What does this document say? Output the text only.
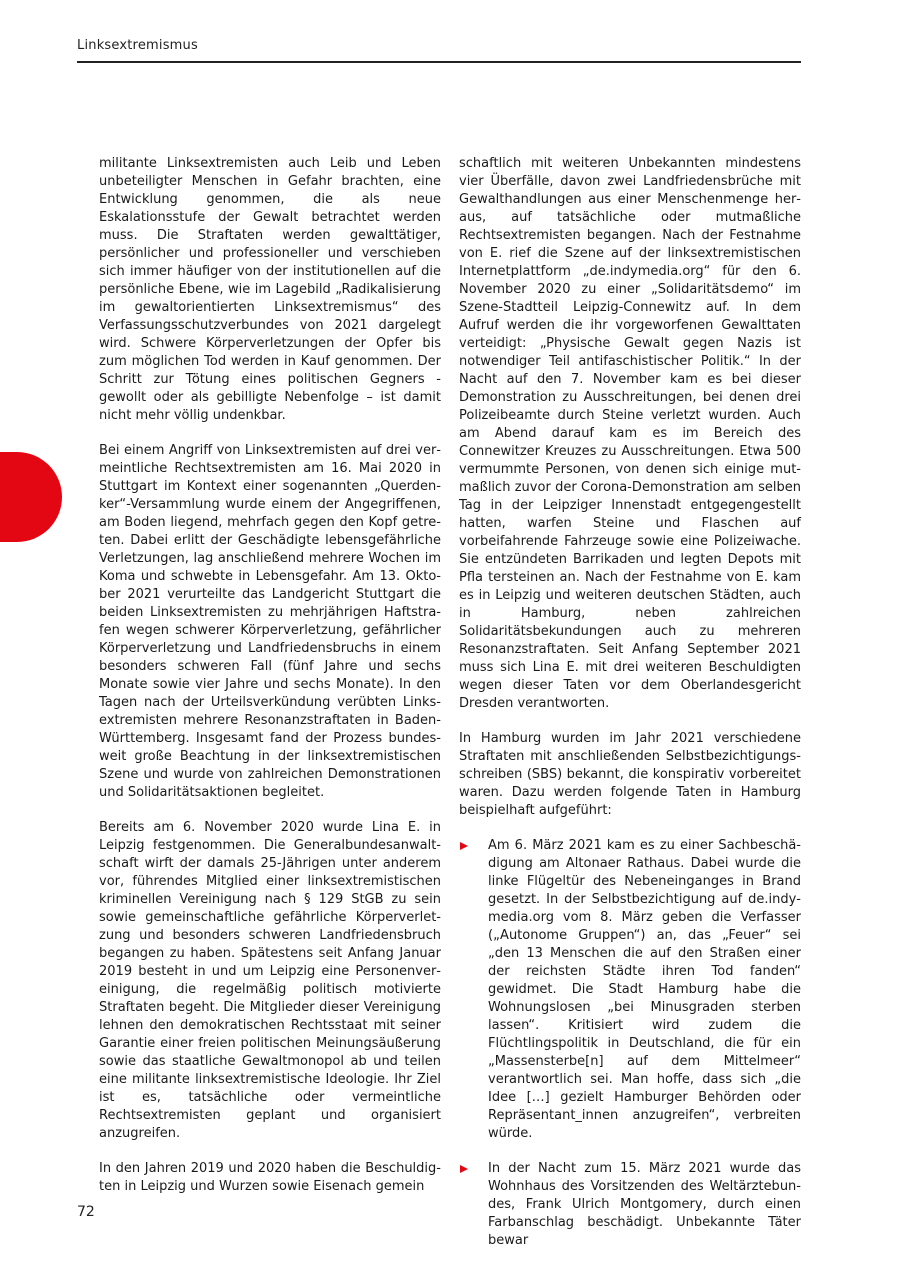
Linksextremismus

militante Linksextremisten auch Leib und Leben unbeteiligter Menschen in Gefahr brachten, eine Entwicklung genommen, die als neue Eskalationsstufe der Gewalt betrachtet werden muss. Die Straftaten werden gewalttätiger, persönlicher und professioneller und verschieben sich immer häufiger von der institutionellen auf die persönliche Ebene, wie im Lagebild „Radikalisierung im gewaltorientierten Linksextremismus“ des Verfassungsschutzverbundes von 2021 dargelegt wird. Schwere Körperverletzungen der Opfer bis zum möglichen Tod werden in Kauf genommen. Der Schritt zur Tötung eines politischen Gegners - gewollt oder als gebilligte Nebenfolge – ist damit nicht mehr völlig undenkbar.

Bei einem Angriff von Linksextremisten auf drei vermeintliche Rechtsextremisten am 16. Mai 2020 in Stuttgart im Kontext einer sogenannten „Querdenker“-Versammlung wurde einem der Angegriffenen, am Boden liegend, mehrfach gegen den Kopf getreten. Dabei erlitt der Geschädigte lebensgefährliche Verletzungen, lag anschließend mehrere Wochen im Koma und schwebte in Lebensgefahr. Am 13. Oktober 2021 verurteilte das Landgericht Stuttgart die beiden Linksextremisten zu mehrjährigen Haftstrafen wegen schwerer Körperverletzung, gefährlicher Körperverletzung und Landfriedensbruchs in einem besonders schweren Fall (fünf Jahre und sechs Monate sowie vier Jahre und sechs Monate). In den Tagen nach der Urteilsverkündung verübten Linksextremisten mehrere Resonanzstraftaten in Baden-Württemberg. Insgesamt fand der Prozess bundesweit große Beachtung in der linksextremistischen Szene und wurde von zahlreichen Demonstrationen und Solidaritätsaktionen begleitet.

Bereits am 6. November 2020 wurde Lina E. in Leipzig festgenommen. Die Generalbundesanwaltschaft wirft der damals 25-Jährigen unter anderem vor, führendes Mitglied einer linksextremistischen kriminellen Vereinigung nach § 129 StGB zu sein sowie gemeinschaftliche gefährliche Körperverletzung und besonders schweren Landfriedensbruch begangen zu haben. Spätestens seit Anfang Januar 2019 besteht in und um Leipzig eine Personenvereinigung, die regelmäßig politisch motivierte Straftaten begeht. Die Mitglieder dieser Vereinigung lehnen den demokratischen Rechtsstaat mit seiner Garantie einer freien politischen Meinungsäußerung sowie das staatliche Gewaltmonopol ab und teilen eine militante linksextremistische Ideologie. Ihr Ziel ist es, tatsächliche oder vermeintliche Rechtsextremisten geplant und organisiert anzugreifen.

In den Jahren 2019 und 2020 haben die Beschuldigten in Leipzig und Wurzen sowie Eisenach gemein

schaftlich mit weiteren Unbekannten mindestens vier Überfälle, davon zwei Landfriedensbrüche mit Gewalthandlungen aus einer Menschenmenge heraus, auf tatsächliche oder mutmaßliche Rechtsextremisten begangen. Nach der Festnahme von E. rief die Szene auf der linksextremistischen Internetplattform „de.indymedia.org“ für den 6. November 2020 zu einer „Solidaritätsdemo“ im Szene-Stadtteil Leipzig-Connewitz auf. In dem Aufruf werden die ihr vorgeworfenen Gewalttaten verteidigt: „Physische Gewalt gegen Nazis ist notwendiger Teil antifaschistischer Politik.“ In der Nacht auf den 7. November kam es bei dieser Demonstration zu Ausschreitungen, bei denen drei Polizeibeamte durch Steine verletzt wurden. Auch am Abend darauf kam es im Bereich des Connewitzer Kreuzes zu Ausschreitungen. Etwa 500 vermummte Personen, von denen sich einige mutmaßlich zuvor der Corona-Demonstration am selben Tag in der Leipziger Innenstadt entgegengestellt hatten, warfen Steine und Flaschen auf vorbeifahrende Fahrzeuge sowie eine Polizeiwache. Sie entzündeten Barrikaden und legten Depots mit Pfla tersteinen an. Nach der Festnahme von E. kam es in Leipzig und weiteren deutschen Städten, auch in Hamburg, neben zahlreichen Solidaritätsbekundungen auch zu mehreren Resonanzstraftaten. Seit Anfang September 2021 muss sich Lina E. mit drei weiteren Beschuldigten wegen dieser Taten vor dem Oberlandesgericht Dresden verantworten.

In Hamburg wurden im Jahr 2021 verschiedene Straftaten mit anschließenden Selbstbezichtigungsschreiben (SBS) bekannt, die konspirativ vorbereitet waren. Dazu werden folgende Taten in Hamburg beispielhaft aufgeführt:

Am 6. März 2021 kam es zu einer Sachbeschädigung am Altonaer Rathaus. Dabei wurde die linke Flügeltür des Nebeneinganges in Brand gesetzt. In der Selbstbezichtigung auf de.indymedia.org vom 8. März geben die Verfasser („Autonome Gruppen“) an, das „Feuer“ sei „den 13 Menschen die auf den Straßen einer der reichsten Städte ihren Tod fanden“ gewidmet. Die Stadt Hamburg habe die Wohnungslosen „bei Minusgraden sterben lassen“. Kritisiert wird zudem die Flüchtlingspolitik in Deutschland, die für ein „Massensterbe[n] auf dem Mittelmeer“ verantwortlich sei. Man hoffe, dass sich „die Idee […] gezielt Hamburger Behörden oder Repräsentant_innen anzugreifen“, verbreiten würde.
In der Nacht zum 15. März 2021 wurde das Wohnhaus des Vorsitzenden des Weltärztebundes, Frank Ulrich Montgomery, durch einen Farbanschlag beschädigt. Unbekannte Täter bewar
72
